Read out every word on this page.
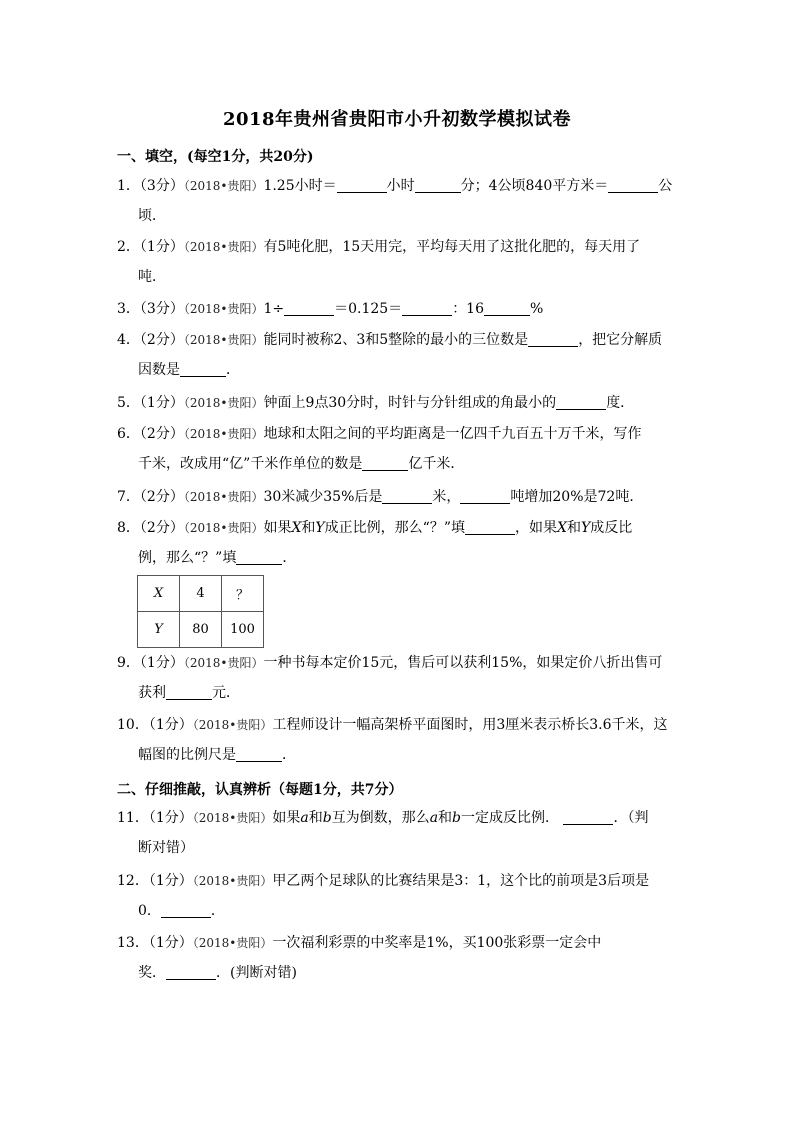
2018年贵州省贵阳市小升初数学模拟试卷
一、填空，(每空1分，共20分)
1．（3分）（2018•贵阳）1.25小时＝	小时	分；4公顷840平方米＝	公
顷．
2．（1分）（2018•贵阳）有5吨化肥，15天用完，平均每天用了这批化肥的，每天用了
吨．
3．（3分）（2018•贵阳）1÷	＝0.125＝	：16	%
4．（2分）（2018•贵阳）能同时被称2、3和5整除的最小的三位数是	，把它分解质
因数是	．
5．（1分）（2018•贵阳）钟面上9点30分时，时针与分针组成的角最小的	度．
6．（2分）（2018•贵阳）地球和太阳之间的平均距离是一亿四千九百五十万千米，写作
千米，改成用“亿”千米作单位的数是	亿千米．
7．（2分）（2018•贵阳）30米减少35%后是	米，	吨增加20%是72吨．
8．（2分）（2018•贵阳）如果X和Y成正比例，那么“？”填	，如果X和Y成反比
例，那么“？”填	．
X	4	？
Y	80	100
9．（1分）（2018•贵阳）一种书每本定价15元，售后可以获利15%，如果定价八折出售可
获利	元．
10．（1分）（2018•贵阳）工程师设计一幅高架桥平面图时，用3厘米表示桥长3.6千米，这
幅图的比例尺是	．
二、仔细推敲，认真辨析（每题1分，共7分）
11．（1分）（2018•贵阳）如果a和b互为倒数，那么a和b一定成反比例．	．（判
断对错）
12．（1分）（2018•贵阳）甲乙两个足球队的比赛结果是3：1，这个比的前项是3后项是
0．	．
13．（1分）（2018•贵阳）一次福利彩票的中奖率是1%，买100张彩票一定会中
奖．	．(判断对错)
